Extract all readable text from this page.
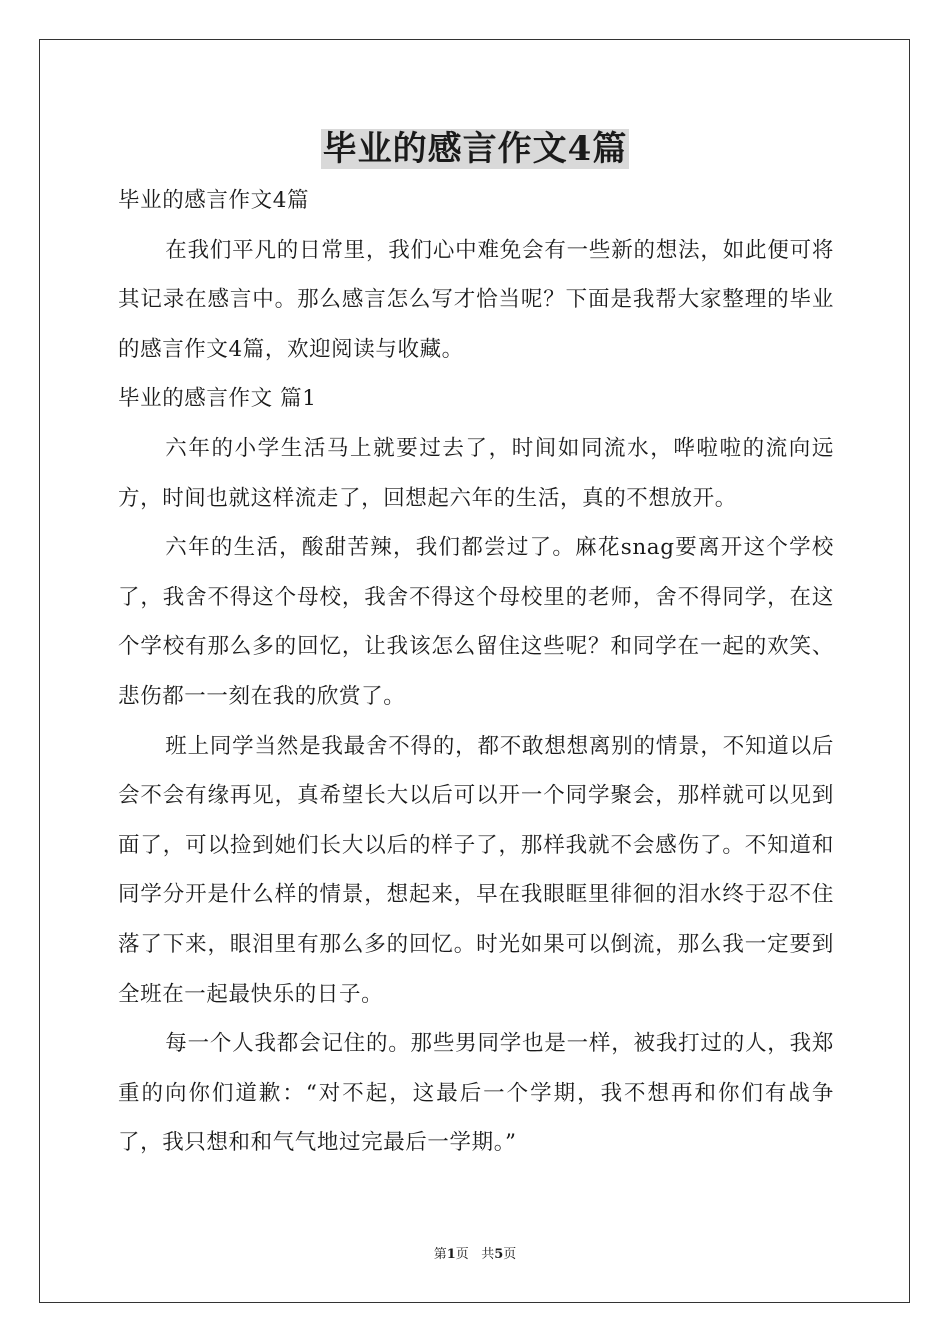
毕业的感言作文4篇

毕业的感言作文4篇

在我们平凡的日常里，我们心中难免会有一些新的想法，如此便可将其记录在感言中。那么感言怎么写才恰当呢？下面是我帮大家整理的毕业的感言作文4篇，欢迎阅读与收藏。

毕业的感言作文 篇1

六年的小学生活马上就要过去了，时间如同流水，哗啦啦的流向远方，时间也就这样流走了，回想起六年的生活，真的不想放开。

六年的生活，酸甜苦辣，我们都尝过了。麻花snag要离开这个学校了，我舍不得这个母校，我舍不得这个母校里的老师，舍不得同学，在这个学校有那么多的回忆，让我该怎么留住这些呢？和同学在一起的欢笑、悲伤都一一刻在我的欣赏了。

班上同学当然是我最舍不得的，都不敢想想离别的情景，不知道以后会不会有缘再见，真希望长大以后可以开一个同学聚会，那样就可以见到面了，可以捡到她们长大以后的样子了，那样我就不会感伤了。不知道和同学分开是什么样的情景，想起来，早在我眼眶里徘徊的泪水终于忍不住落了下来，眼泪里有那么多的回忆。时光如果可以倒流，那么我一定要到全班在一起最快乐的日子。

每一个人我都会记住的。那些男同学也是一样，被我打过的人，我郑重的向你们道歉：“对不起，这最后一个学期，我不想再和你们有战争了，我只想和和气气地过完最后一学期。”

第1页 共5页
